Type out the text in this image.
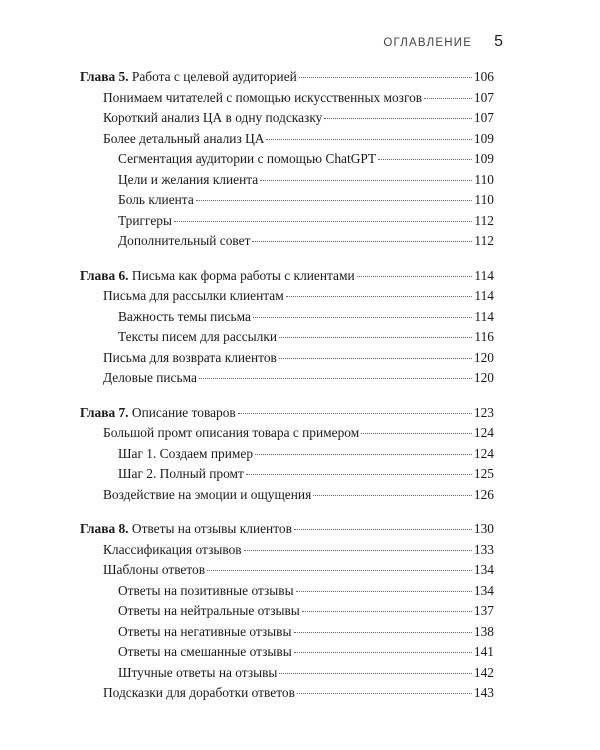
ОГЛАВЛЕНИЕ 5
Глава 5. Работа с целевой аудиторией	106
Понимаем читателей с помощью искусственных мозгов	107
Короткий анализ ЦА в одну подсказку	107
Более детальный анализ ЦА	109
Сегментация аудитории с помощью ChatGPT	109
Цели и желания клиента	110
Боль клиента	110
Триггеры	112
Дополнительный совет	112
Глава 6. Письма как форма работы с клиентами	114
Письма для рассылки клиентам	114
Важность темы письма	114
Тексты писем для рассылки	116
Письма для возврата клиентов	120
Деловые письма	120
Глава 7. Описание товаров	123
Большой промт описания товара с примером	124
Шаг 1. Создаем пример	124
Шаг 2. Полный промт	125
Воздействие на эмоции и ощущения	126
Глава 8. Ответы на отзывы клиентов	130
Классификация отзывов	133
Шаблоны ответов	134
Ответы на позитивные отзывы	134
Ответы на нейтральные отзывы	137
Ответы на негативные отзывы	138
Ответы на смешанные отзывы	141
Штучные ответы на отзывы	142
Подсказки для доработки ответов	143
